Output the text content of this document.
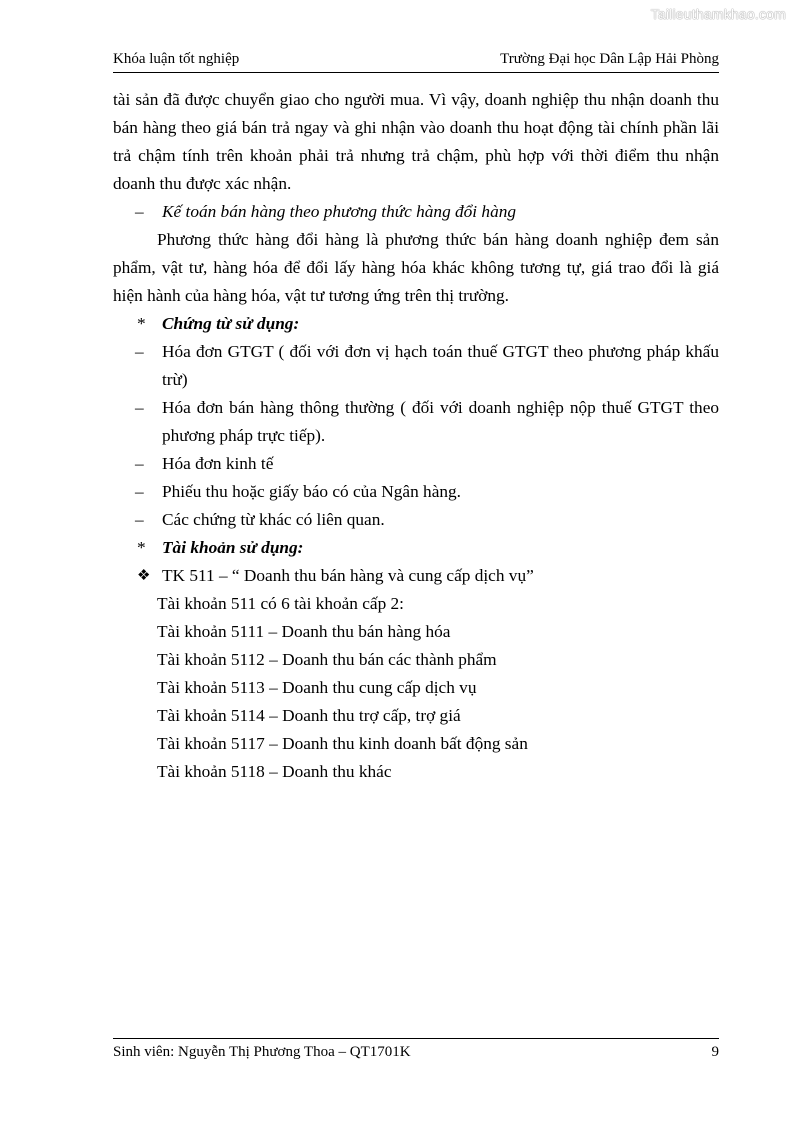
Tailieuthamkhao.com
Khóa luận tốt nghiệp	Trường Đại học Dân Lập Hải Phòng

tài sản đã được chuyển giao cho người mua. Vì vậy, doanh nghiệp thu nhận doanh thu bán hàng theo giá bán trả ngay và ghi nhận vào doanh thu hoạt động tài chính phần lãi trả chậm tính trên khoản phải trả nhưng trả chậm, phù hợp với thời điểm thu nhận doanh thu được xác nhận.

– Kế toán bán hàng theo phương thức hàng đổi hàng

Phương thức hàng đổi hàng là phương thức bán hàng doanh nghiệp đem sản phẩm, vật tư, hàng hóa để đổi lấy hàng hóa khác không tương tự, giá trao đổi là giá hiện hành của hàng hóa, vật tư tương ứng trên thị trường.

* Chứng từ sử dụng:

– Hóa đơn GTGT ( đối với đơn vị hạch toán thuế GTGT theo phương pháp khấu trừ)

– Hóa đơn bán hàng thông thường ( đối với doanh nghiệp nộp thuế GTGT theo phương pháp trực tiếp).

– Hóa đơn kinh tế

– Phiếu thu hoặc giấy báo có của Ngân hàng.

– Các chứng từ khác có liên quan.

* Tài khoản sử dụng:

❖ TK 511 – “ Doanh thu bán hàng và cung cấp dịch vụ”

Tài khoản 511 có 6 tài khoản cấp 2:

Tài khoản 5111 – Doanh thu bán hàng hóa

Tài khoản 5112 – Doanh thu bán các thành phẩm

Tài khoản 5113 – Doanh thu cung cấp dịch vụ

Tài khoản 5114 – Doanh thu trợ cấp, trợ giá

Tài khoản 5117 – Doanh thu kinh doanh bất động sản

Tài khoản 5118 – Doanh thu khác

Sinh viên: Nguyễn Thị Phương Thoa – QT1701K	9
